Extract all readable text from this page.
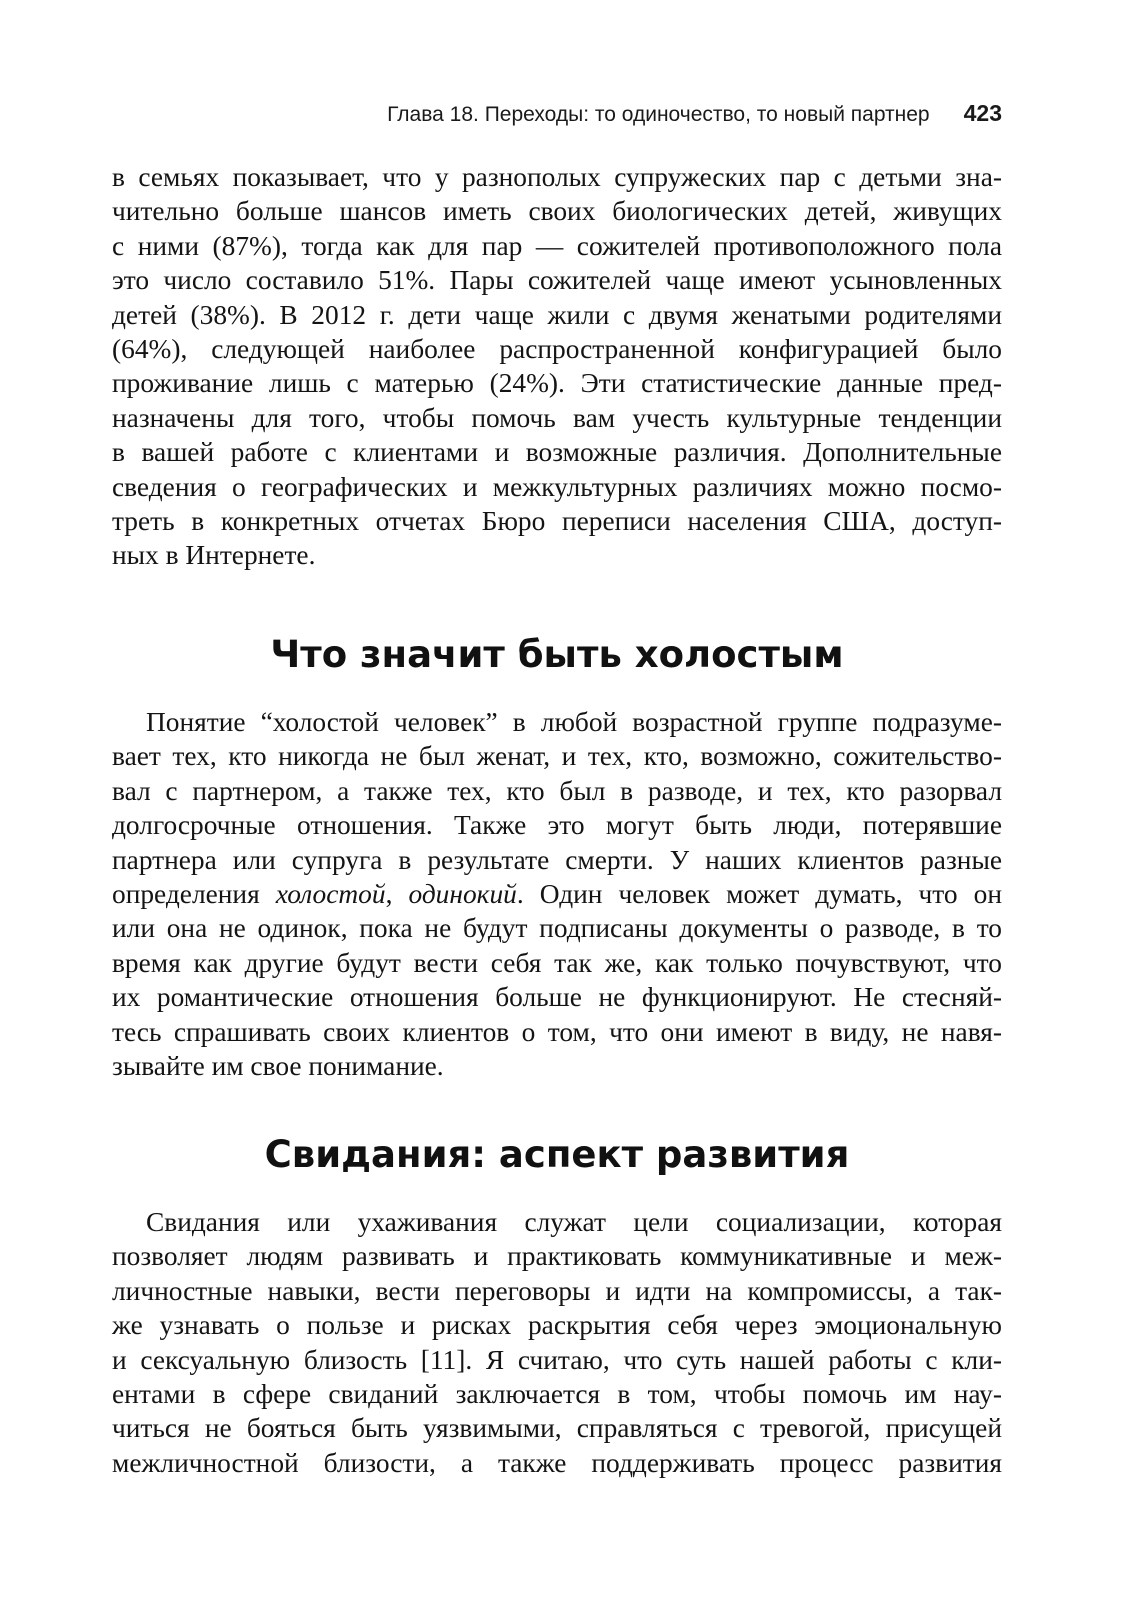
Глава 18. Переходы: то одиночество, то новый партнер 423
в семьях показывает, что у разнополых супружеских пар с детьми зна-
чительно больше шансов иметь своих биологических детей, живущих
с ними (87%), тогда как для пар — сожителей противоположного пола
это число составило 51%. Пары сожителей чаще имеют усыновленных
детей (38%). В 2012 г. дети чаще жили с двумя женатыми родителями
(64%), следующей наиболее распространенной конфигурацией было
проживание лишь с матерью (24%). Эти статистические данные пред-
назначены для того, чтобы помочь вам учесть культурные тенденции
в вашей работе с клиентами и возможные различия. Дополнительные
сведения о географических и межкультурных различиях можно посмо-
треть в конкретных отчетах Бюро переписи населения США, доступ-
ных в Интернете.
Что значит быть холостым
Понятие “холостой человек” в любой возрастной группе подразуме-
вает тех, кто никогда не был женат, и тех, кто, возможно, сожительство-
вал с партнером, а также тех, кто был в разводе, и тех, кто разорвал
долгосрочные отношения. Также это могут быть люди, потерявшие
партнера или супруга в результате смерти. У наших клиентов разные
определения холостой, одинокий. Один человек может думать, что он
или она не одинок, пока не будут подписаны документы о разводе, в то
время как другие будут вести себя так же, как только почувствуют, что
их романтические отношения больше не функционируют. Не стесняй-
тесь спрашивать своих клиентов о том, что они имеют в виду, не навя-
зывайте им свое понимание.
Свидания: аспект развития
Свидания или ухаживания служат цели социализации, которая
позволяет людям развивать и практиковать коммуникативные и меж-
личностные навыки, вести переговоры и идти на компромиссы, а так-
же узнавать о пользе и рисках раскрытия себя через эмоциональную
и сексуальную близость [11]. Я считаю, что суть нашей работы с кли-
ентами в сфере свиданий заключается в том, чтобы помочь им нау-
читься не бояться быть уязвимыми, справляться с тревогой, присущей
межличностной близости, а также поддерживать процесс развития
